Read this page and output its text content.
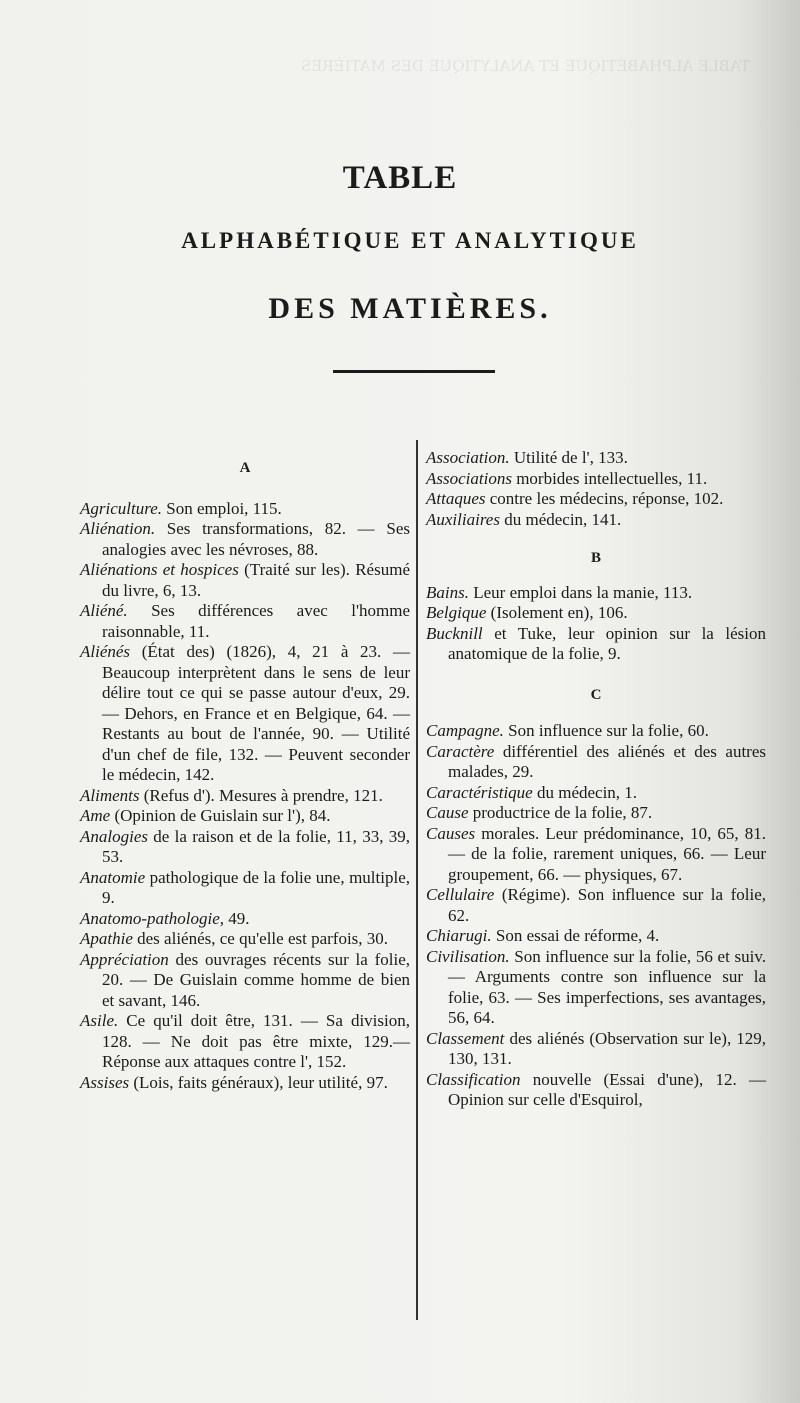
TABLE ALPHABÉTIQUE ET ANALYTIQUE DES MATIÈRES
TABLE
ALPHABÉTIQUE ET ANALYTIQUE
DES MATIÈRES.

A

Agriculture. Son emploi, 115.

Aliénation. Ses transformations, 82. — Ses analogies avec les névroses, 88.

Aliénations et hospices (Traité sur les). Résumé du livre, 6, 13.

Aliéné. Ses différences avec l'homme raisonnable, 11.

Aliénés (État des) (1826), 4, 21 à 23. — Beaucoup interprètent dans le sens de leur délire tout ce qui se passe autour d'eux, 29. — Dehors, en France et en Belgique, 64. — Restants au bout de l'année, 90. — Utilité d'un chef de file, 132. — Peuvent seconder le médecin, 142.

Aliments (Refus d'). Mesures à prendre, 121.

Ame (Opinion de Guislain sur l'), 84.

Analogies de la raison et de la folie, 11, 33, 39, 53.

Anatomie pathologique de la folie une, multiple, 9.

Anatomo-pathologie, 49.

Apathie des aliénés, ce qu'elle est parfois, 30.

Appréciation des ouvrages récents sur la folie, 20. — De Guislain comme homme de bien et savant, 146.

Asile. Ce qu'il doit être, 131. — Sa division, 128. — Ne doit pas être mixte, 129.— Réponse aux attaques contre l', 152.

Assises (Lois, faits généraux), leur utilité, 97.

Association. Utilité de l', 133.

Associations morbides intellectuelles, 11.

Attaques contre les médecins, réponse, 102.

Auxiliaires du médecin, 141.

B

Bains. Leur emploi dans la manie, 113.

Belgique (Isolement en), 106.

Bucknill et Tuke, leur opinion sur la lésion anatomique de la folie, 9.

C

Campagne. Son influence sur la folie, 60.

Caractère différentiel des aliénés et des autres malades, 29.

Caractéristique du médecin, 1.

Cause productrice de la folie, 87.

Causes morales. Leur prédominance, 10, 65, 81.— de la folie, rarement uniques, 66. — Leur groupement, 66. — physiques, 67.

Cellulaire (Régime). Son influence sur la folie, 62.

Chiarugi. Son essai de réforme, 4.

Civilisation. Son influence sur la folie, 56 et suiv. — Arguments contre son influence sur la folie, 63. — Ses imperfections, ses avantages, 56, 64.

Classement des aliénés (Observation sur le), 129, 130, 131.

Classification nouvelle (Essai d'une), 12. — Opinion sur celle d'Esquirol,
